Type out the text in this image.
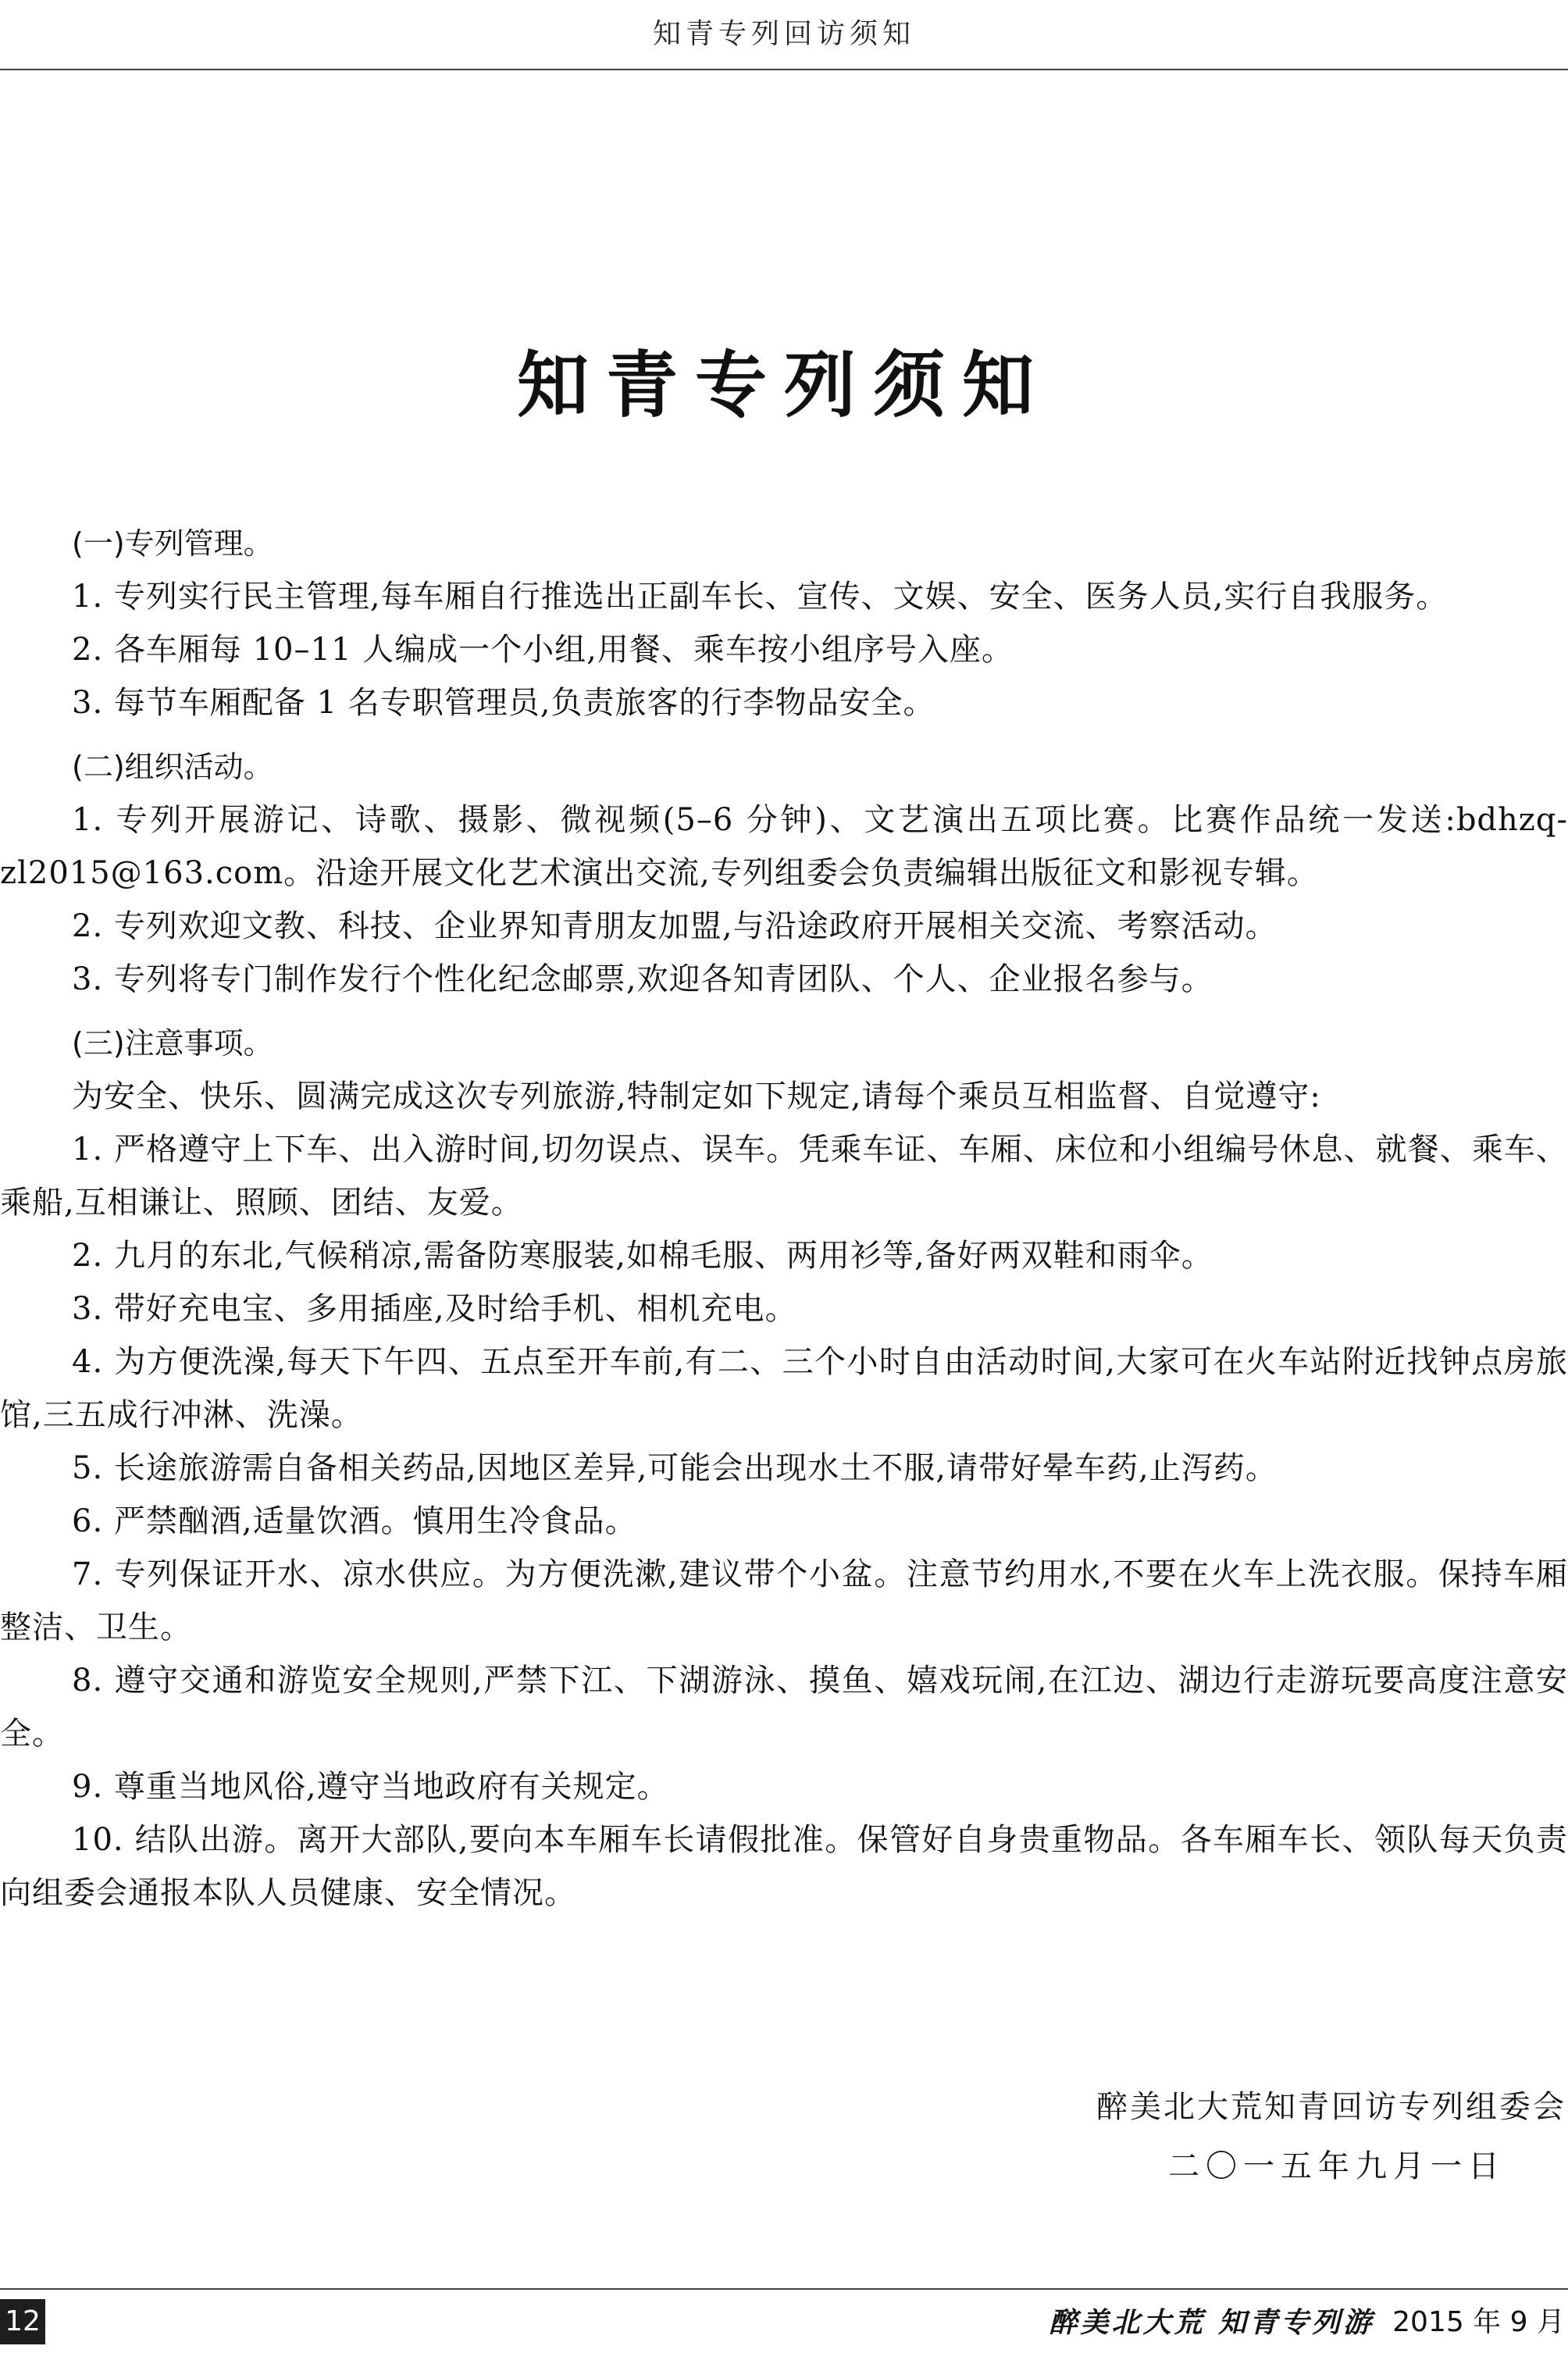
知青专列回访须知
知青专列须知

(一)专列管理。

1. 专列实行民主管理,每车厢自行推选出正副车长、宣传、文娱、安全、医务人员,实行自我服务。

2. 各车厢每 10–11 人编成一个小组,用餐、乘车按小组序号入座。

3. 每节车厢配备 1 名专职管理员,负责旅客的行李物品安全。

(二)组织活动。

1. 专列开展游记、诗歌、摄影、微视频(5–6 分钟)、文艺演出五项比赛。比赛作品统一发送:bdhzq-zl2015@163.com。沿途开展文化艺术演出交流,专列组委会负责编辑出版征文和影视专辑。

2. 专列欢迎文教、科技、企业界知青朋友加盟,与沿途政府开展相关交流、考察活动。

3. 专列将专门制作发行个性化纪念邮票,欢迎各知青团队、个人、企业报名参与。

(三)注意事项。

为安全、快乐、圆满完成这次专列旅游,特制定如下规定,请每个乘员互相监督、自觉遵守:

1. 严格遵守上下车、出入游时间,切勿误点、误车。凭乘车证、车厢、床位和小组编号休息、就餐、乘车、乘船,互相谦让、照顾、团结、友爱。

2. 九月的东北,气候稍凉,需备防寒服装,如棉毛服、两用衫等,备好两双鞋和雨伞。

3. 带好充电宝、多用插座,及时给手机、相机充电。

4. 为方便洗澡,每天下午四、五点至开车前,有二、三个小时自由活动时间,大家可在火车站附近找钟点房旅馆,三五成行冲淋、洗澡。

5. 长途旅游需自备相关药品,因地区差异,可能会出现水土不服,请带好晕车药,止泻药。

6. 严禁酗酒,适量饮酒。慎用生冷食品。

7. 专列保证开水、凉水供应。为方便洗漱,建议带个小盆。注意节约用水,不要在火车上洗衣服。保持车厢整洁、卫生。

8. 遵守交通和游览安全规则,严禁下江、下湖游泳、摸鱼、嬉戏玩闹,在江边、湖边行走游玩要高度注意安全。

9. 尊重当地风俗,遵守当地政府有关规定。

10. 结队出游。离开大部队,要向本车厢车长请假批准。保管好自身贵重物品。各车厢车长、领队每天负责向组委会通报本队人员健康、安全情况。

醉美北大荒知青回访专列组委会
二〇一五年九月一日
12	醉美北大荒 知青专列游 2015 年 9 月
